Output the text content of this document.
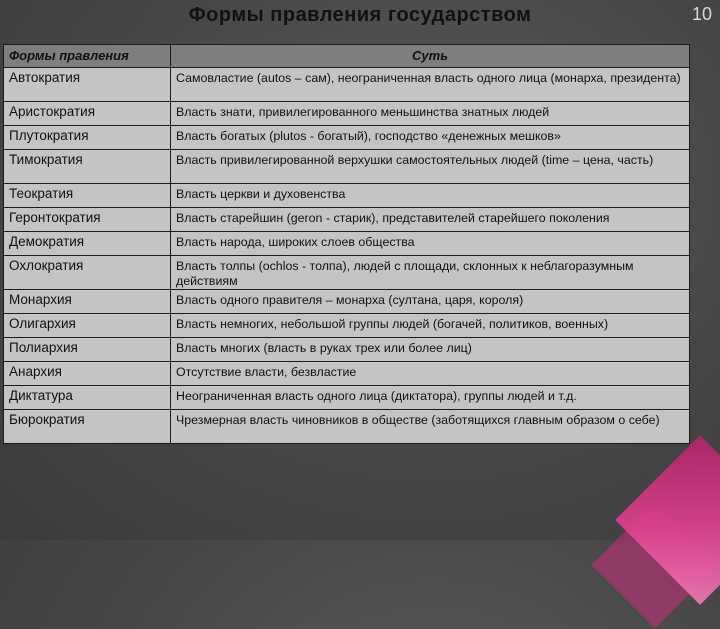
Формы правления государством	10
Формы правления	Суть
Автократия	Самовластие (autos – сам), неограниченная власть одного лица (монарха, президента)
Аристократия	Власть знати, привилегированного меньшинства знатных людей
Плутократия	Власть богатых (plutos - богатый), господство «денежных мешков»
Тимократия	Власть привилегированной верхушки самостоятельных людей (time – цена, часть)
Теократия	Власть церкви и духовенства
Геронтократия	Власть старейшин (geron - старик), представителей старейшего поколения
Демократия	Власть народа, широких слоев общества
Охлократия	Власть толпы (ochlos - толпа), людей с площади, склонных к неблагоразумным действиям
Монархия	Власть одного правителя – монарха (султана, царя, короля)
Олигархия	Власть немногих, небольшой группы людей (богачей, политиков, военных)
Полиархия	Власть многих (власть в руках трех или более лиц)
Анархия	Отсутствие власти, безвластие
Диктатура	Неограниченная власть одного лица (диктатора), группы людей и т.д.
Бюрократия	Чрезмерная власть чиновников в обществе (заботящихся главным образом о себе)
